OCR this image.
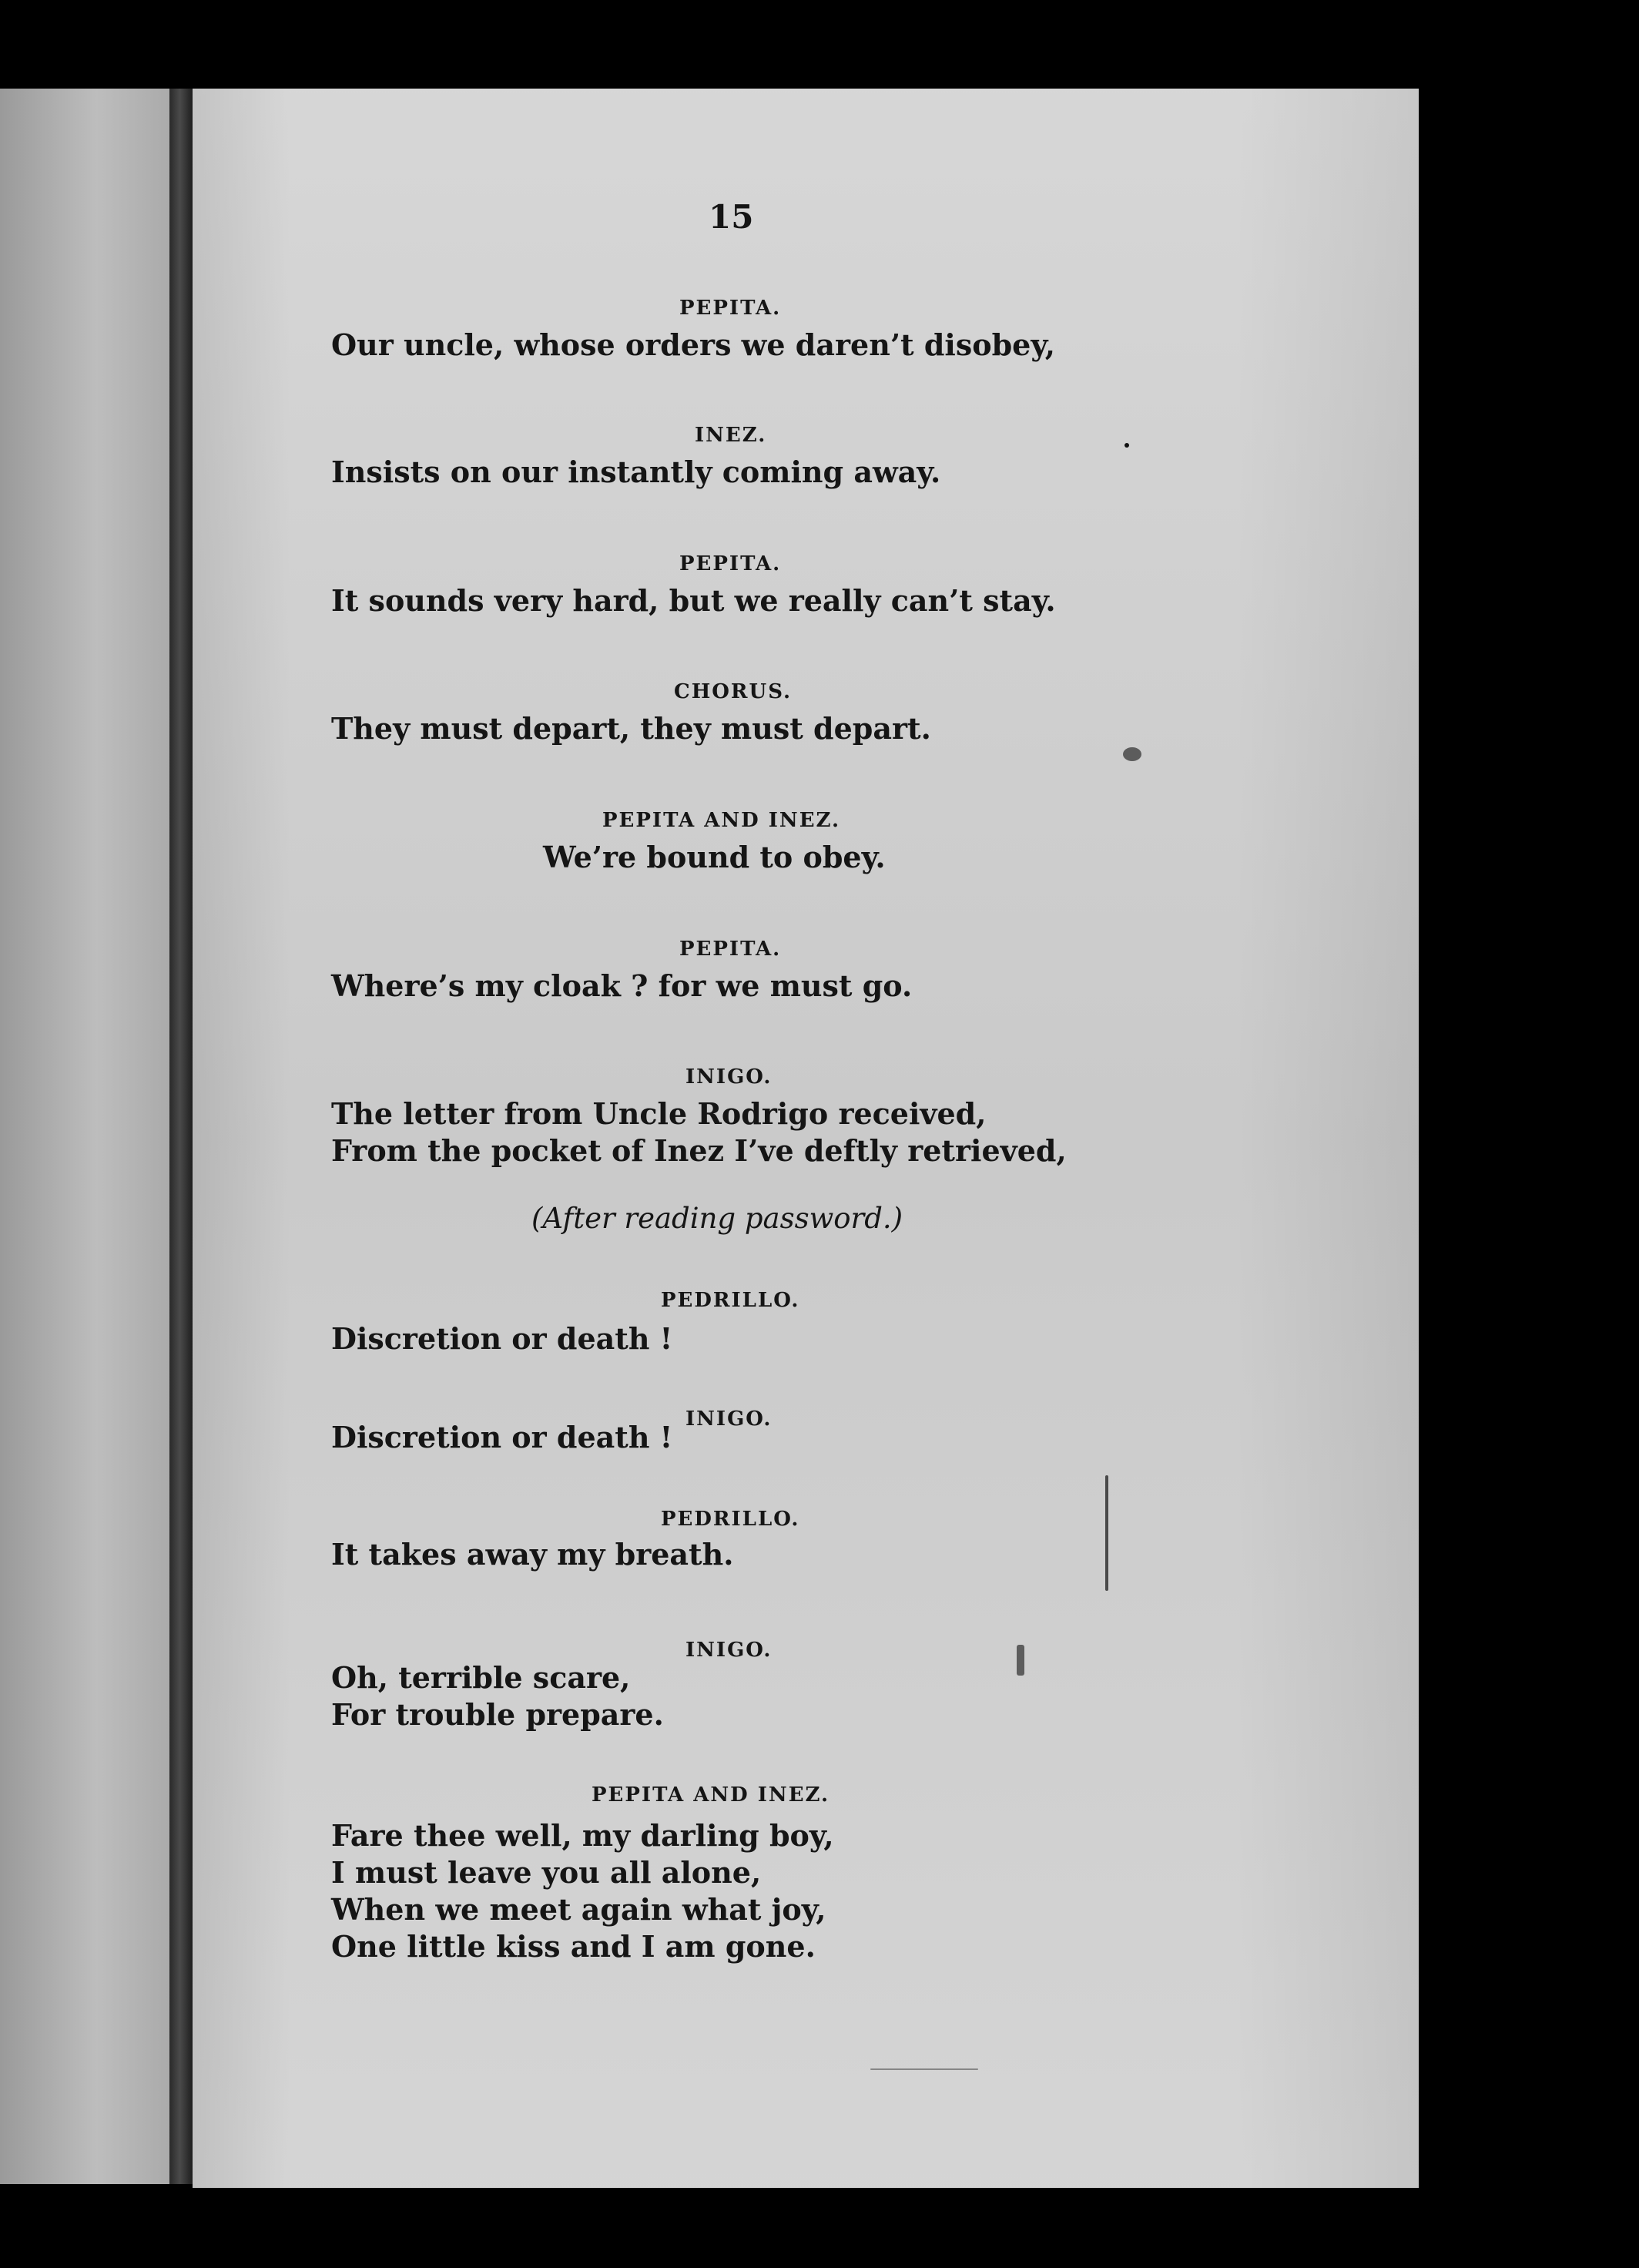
15
PEPITA.
Our uncle, whose orders we daren’t disobey,
INEZ.
Insists on our instantly coming away.
PEPITA.
It sounds very hard, but we really can’t stay.
CHORUS.
They must depart, they must depart.
PEPITA AND INEZ.
We’re bound to obey.
PEPITA.
Where’s my cloak ? for we must go.
INIGO.
The letter from Uncle Rodrigo received,
From the pocket of Inez I’ve deftly retrieved,
(After reading password.)
PEDRILLO.
Discretion or death !
INIGO.
Discretion or death !
PEDRILLO.
It takes away my breath.
INIGO.
Oh, terrible scare,
For trouble prepare.
PEPITA AND INEZ.
Fare thee well, my darling boy,
I must leave you all alone,
When we meet again what joy,
One little kiss and I am gone.
